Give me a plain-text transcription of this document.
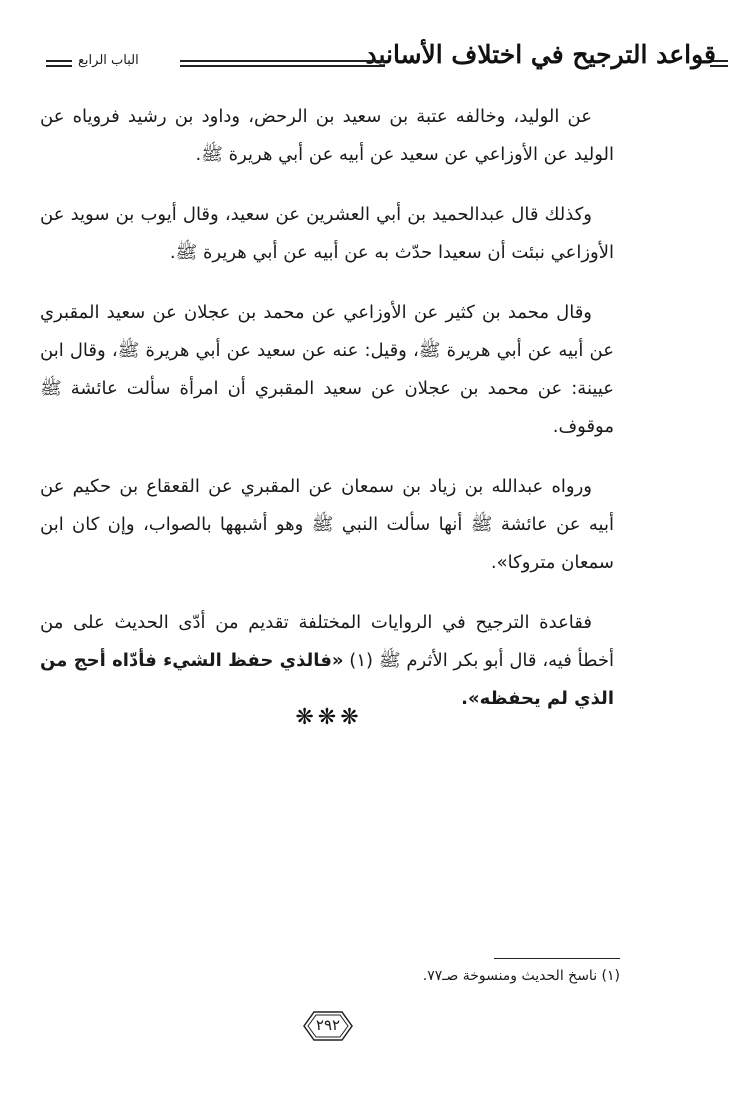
قواعد الترجيح في اختلاف الأسانيد
الباب الرابع

عن الوليد، وخالفه عتبة بن سعيد بن الرحض، وداود بن رشيد فروياه عن الوليد عن الأوزاعي عن سعيد عن أبيه عن أبي هريرة ﷺ.

وكذلك قال عبدالحميد بن أبي العشرين عن سعيد، وقال أيوب بن سويد عن الأوزاعي نبئت أن سعيدا حدّث به عن أبيه عن أبي هريرة ﷺ.

وقال محمد بن كثير عن الأوزاعي عن محمد بن عجلان عن سعيد المقبري عن أبيه عن أبي هريرة ﷺ، وقيل: عنه عن سعيد عن أبي هريرة ﷺ، وقال ابن عيينة: عن محمد بن عجلان عن سعيد المقبري أن امرأة سألت عائشة ﷺ موقوف.

ورواه عبدالله بن زياد بن سمعان عن المقبري عن القعقاع بن حكيم عن أبيه عن عائشة ﷺ أنها سألت النبي ﷺ وهو أشبهها بالصواب، وإن كان ابن سمعان متروكا».

فقاعدة الترجيح في الروايات المختلفة تقديم من أدّى الحديث على من أخطأ فيه، قال أبو بكر الأثرم ﷺ (١) «فالذي حفظ الشيء فأدّاه أحج من الذي لم يحفظه».

❋❋❋
(١) ناسخ الحديث ومنسوخة صـ٧٧.
٢٩٢
